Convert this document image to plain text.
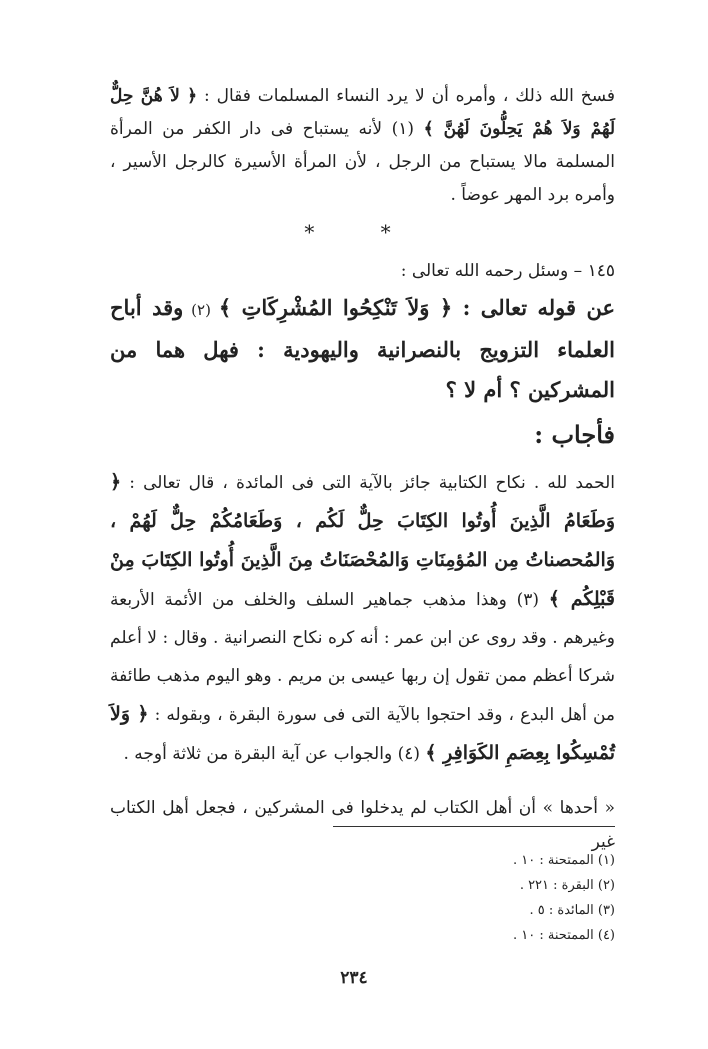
فسخ الله ذلك ، وأمره أن لا يرد النساء المسلمات فقال : ﴿ لاَ هُنَّ حِلٌّ لَهُمْ وَلاَ هُمْ يَحِلُّونَ لَهُنَّ ﴾ (١) لأنه يستباح فى دار الكفر من المرأة المسلمة مالا يستباح من الرجل ، لأن المرأة الأسيرة كالرجل الأسير ، وأمره برد المهر عوضاً .

* *

١٤٥ – وسئل رحمه الله تعالى :

عن قوله تعالى : ﴿ وَلاَ تَنْكِحُوا المُشْرِكَاتِ ﴾ (٢) وقد أباح العلماء التزويج بالنصرانية واليهودية : فهل هما من المشركين ؟ أم لا ؟

فأجاب :

الحمد لله . نكاح الكتابية جائز بالآية التى فى المائدة ، قال تعالى : ﴿ وَطَعَامُ الَّذِينَ أُوتُوا الكِتَابَ حِلٌّ لَكُم ، وَطَعَامُكُمْ حِلٌّ لَهُمْ ، وَالمُحصناتُ مِن المُؤمِنَاتِ وَالمُحْصَنَاتُ مِنَ الَّذِينَ أُوتُوا الكِتَابَ مِنْ قَبْلِكُم ﴾ (٣) وهذا مذهب جماهير السلف والخلف من الأئمة الأربعة وغيرهم . وقد روى عن ابن عمر : أنه كره نكاح النصرانية . وقال : لا أعلم شركا أعظم ممن تقول إن ربها عيسى بن مريم . وهو اليوم مذهب طائفة من أهل البدع ، وقد احتجوا بالآية التى فى سورة البقرة ، وبقوله : ﴿ وَلاَ تُمْسِكُوا بِعِصَمِ الكَوَافِرِ ﴾ (٤) والجواب عن آية البقرة من ثلاثة أوجه .

« أحدها » أن أهل الكتاب لم يدخلوا فى المشركين ، فجعل أهل الكتاب غير

(١) الممتحنة : ١٠ .

(٢) البقرة : ٢٢١ .

(٣) المائدة : ٥ .

(٤) الممتحنة : ١٠ .

٢٣٤
